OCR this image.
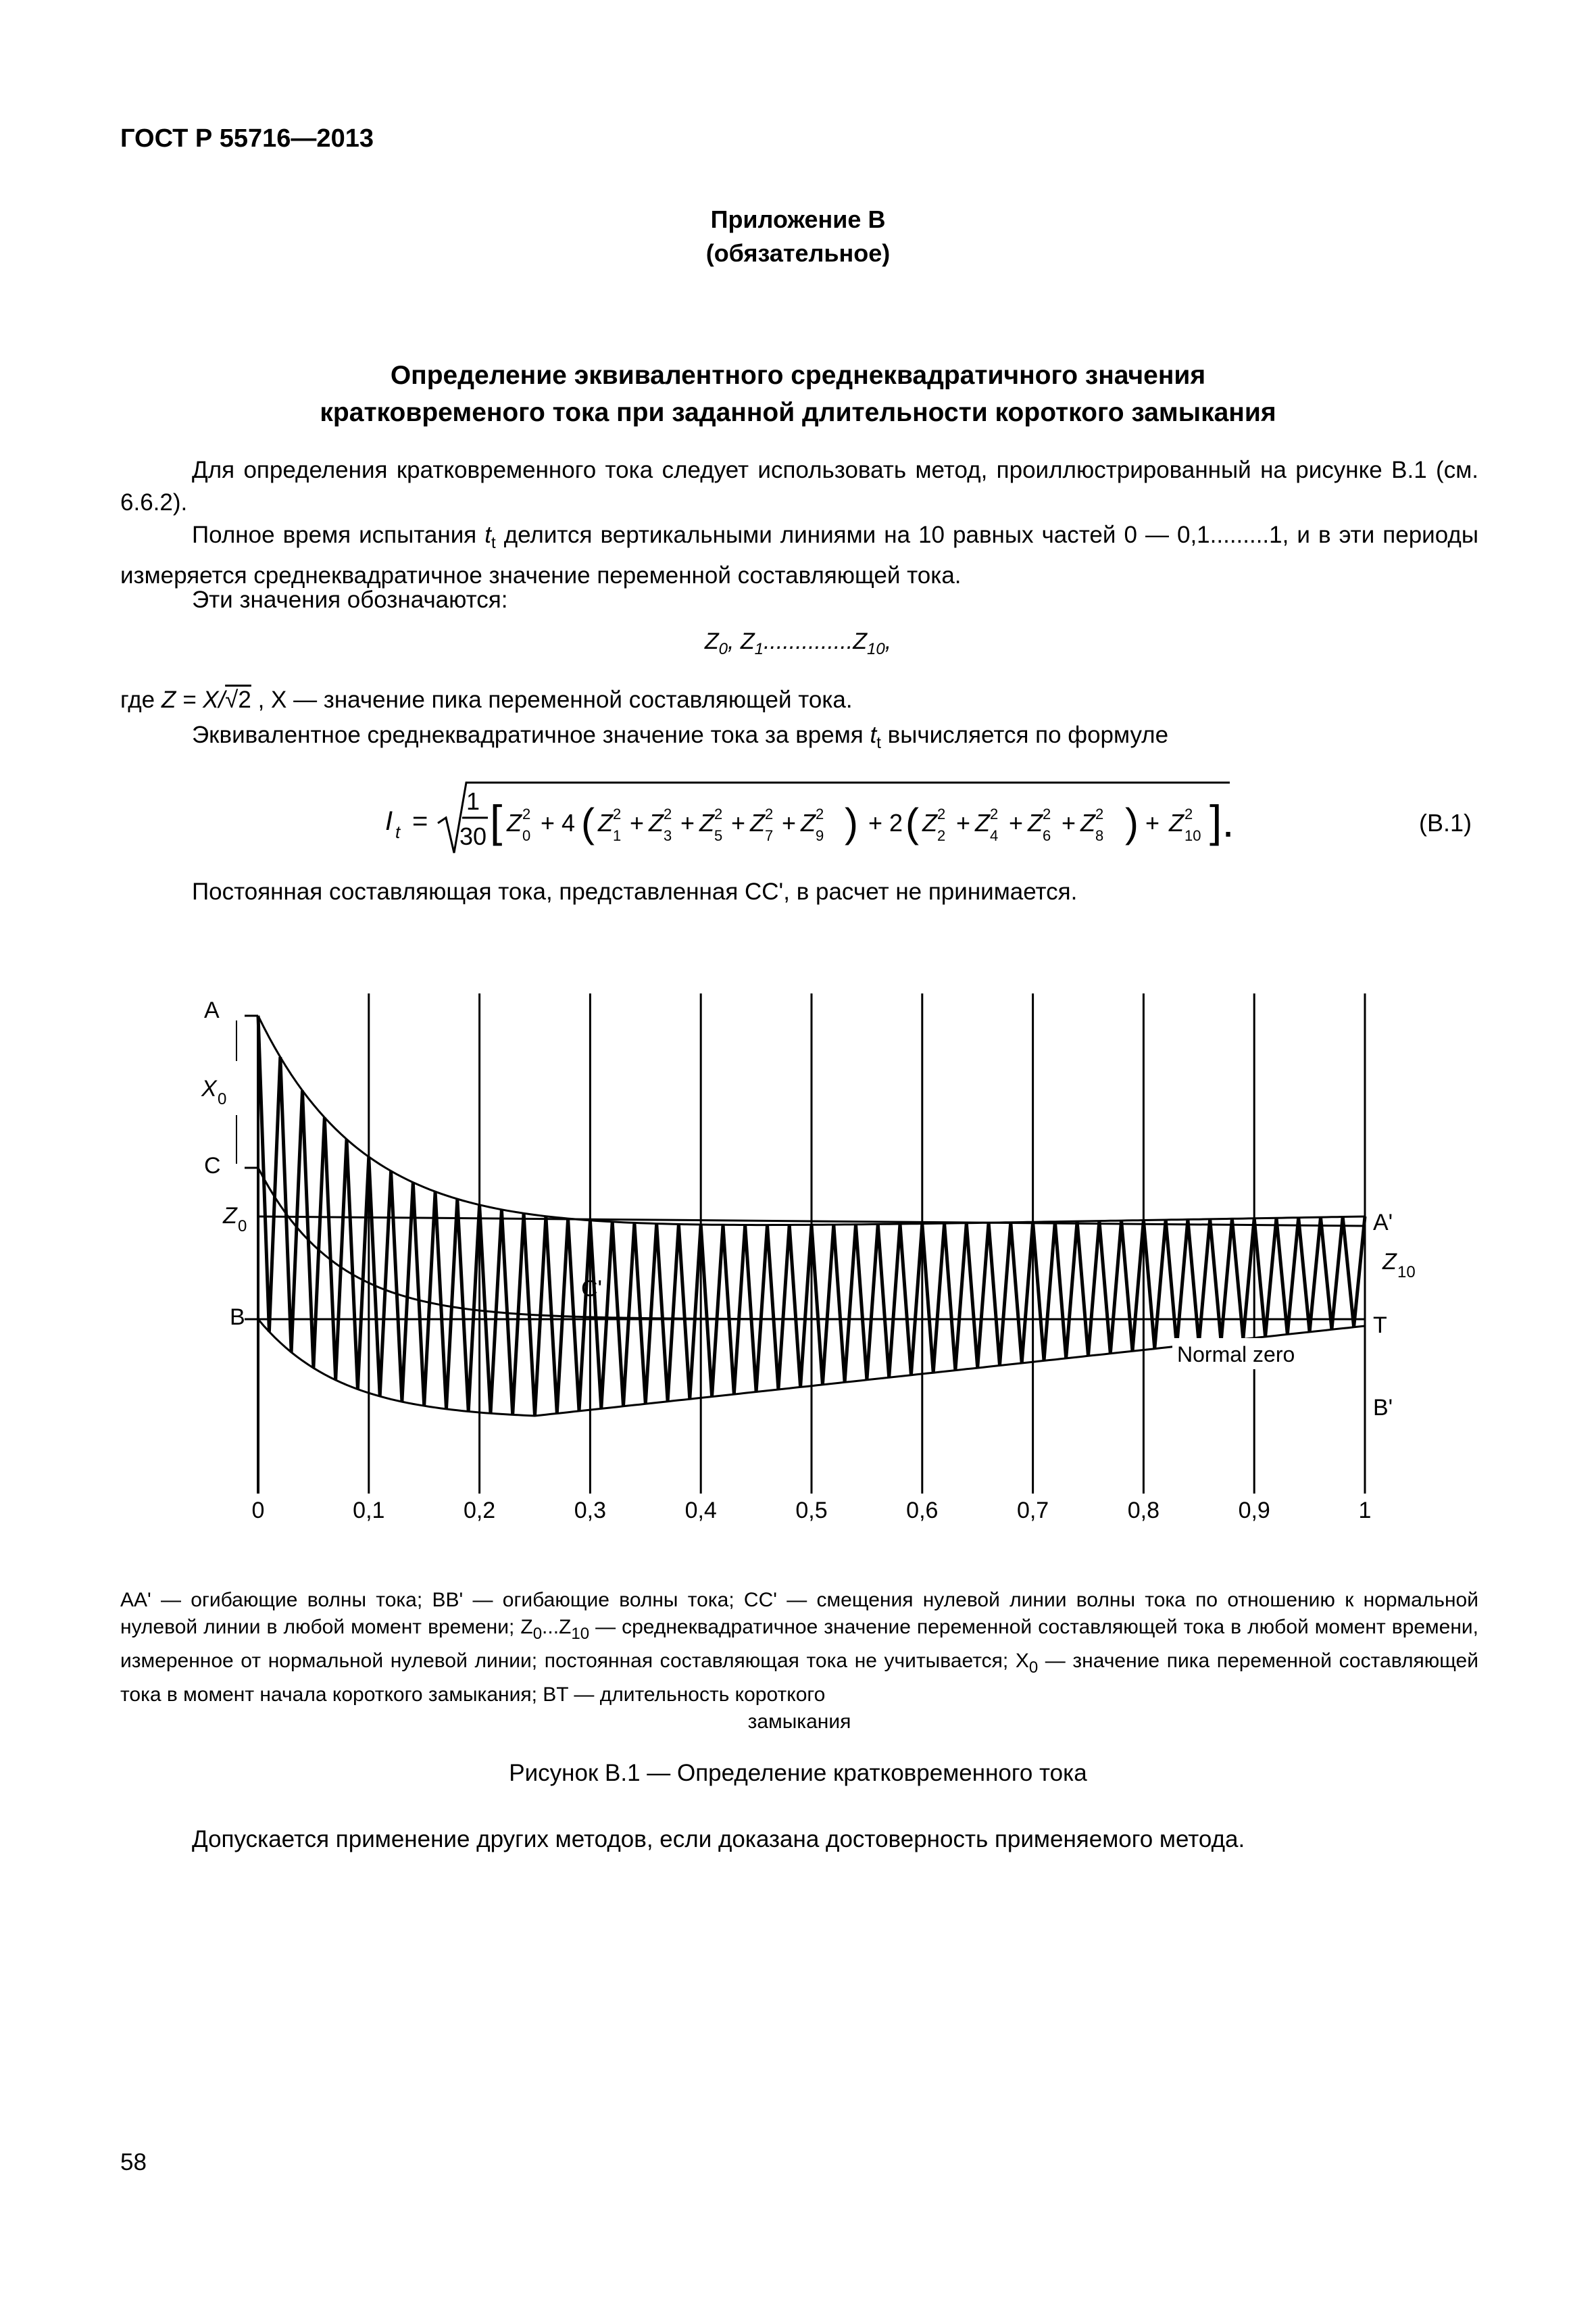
ГОСТ Р 55716—2013
Приложение В
(обязательное)
Определение эквивалентного среднеквадратичного значения
кратковременого тока при заданной длительности короткого замыкания
Для определения кратковременного тока следует использовать метод, проиллюстрированный на рисунке В.1 (см. 6.6.2).
Полное время испытания $t_t$ делится вертикальными линиями на 10 равных частей 0 — 0,1.........1, и в эти периоды измеряется среднеквадратичное значение переменной составляющей тока.
Эти значения обозначаются:
$Z_0$, $Z_1..............Z_{10}$,
где Z = X/√2 , X — значение пика переменной составляющей тока.
Эквивалентное среднеквадратичное значение тока за время $t_t$ вычисляется по формуле
I t =
1
30 [ Z 0
2 + 4 ( Z 2
1 + Z 2
3 + Z 2
5 + Z 2
7 + Z 2
9 ) + 2 ( Z 2
2 + Z 2
4 + Z 2
6 + Z 2
8 ) + Z 10
2 ].	(В.1)
Постоянная составляющая тока, представленная СС', в расчет не принимается.
A
X 0
C
Z 0
B
C'
A'
Z 10
T
B'
Normal zero
0	0,1	0,2	0,3	0,4	0,5	0,6	0,7	0,8	0,9	1
AA' — огибающие волны тока; BB' — огибающие волны тока; CC' — смещения нулевой линии волны тока по отношению к нормальной нулевой линии в любой момент времени; $Z_0...Z_{10}$ — среднеквадратичное значение переменной составляющей тока в любой момент времени, измеренное от нормальной нулевой линии; постоянная составляющая тока не учитывается; $X_0$ — значение пика переменной составляющей тока в момент начала короткого замыкания; BT — длительность короткого
замыкания
Рисунок В.1 — Определение кратковременного тока
Допускается применение других методов, если доказана достоверность применяемого метода.
58
